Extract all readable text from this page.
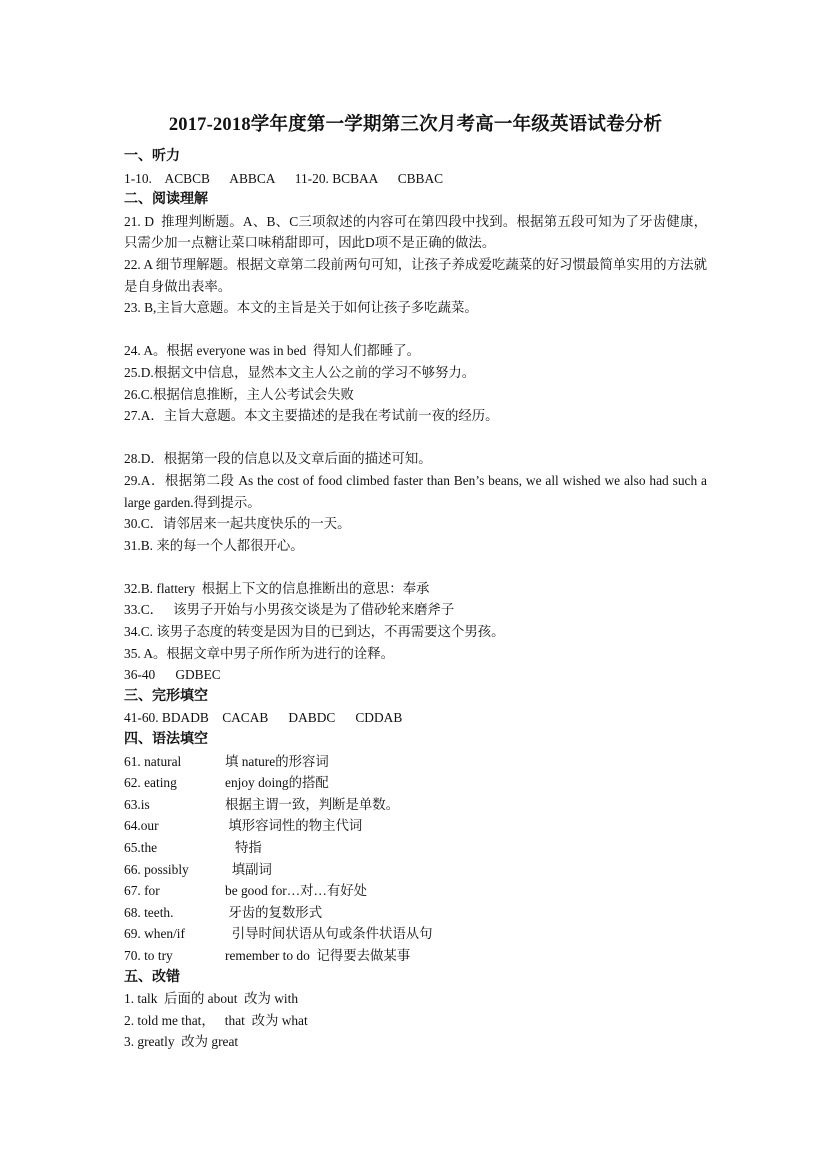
2017-2018学年度第一学期第三次月考高一年级英语试卷分析
一、听力
1-10.    ACBCB      ABBCA      11-20. BCBAA      CBBAC
二、阅读理解
21. D  推理判断题。A、B、C三项叙述的内容可在第四段中找到。根据第五段可知为了牙齿健康，只需少加一点糖让菜口味稍甜即可，因此D项不是正确的做法。
22. A 细节理解题。根据文章第二段前两句可知，让孩子养成爱吃蔬菜的好习惯最简单实用的方法就是自身做出表率。
23. B,主旨大意题。本文的主旨是关于如何让孩子多吃蔬菜。
24. A。根据 everyone was in bed  得知人们都睡了。
25.D.根据文中信息，显然本文主人公之前的学习不够努力。
26.C.根据信息推断，主人公考试会失败
27.A．主旨大意题。本文主要描述的是我在考试前一夜的经历。
28.D．根据第一段的信息以及文章后面的描述可知。
29.A．根据第二段 As the cost of food climbed faster than Ben’s beans, we all wished we also had such a large garden.得到提示。
30.C．请邻居来一起共度快乐的一天。
31.B. 来的每一个人都很开心。
32.B. flattery  根据上下文的信息推断出的意思：奉承
33.C．   该男子开始与小男孩交谈是为了借砂轮来磨斧子
34.C. 该男子态度的转变是因为目的已到达，不再需要这个男孩。
35. A。根据文章中男子所作所为进行的诠释。
36-40      GDBEC
三、完形填空
41-60. BDADB    CACAB      DABDC      CDDAB
四、语法填空
61. natural	填 nature的形容词
62. eating	enjoy doing的搭配
63.is	根据主谓一致，判断是单数。
64.our	填形容词性的物主代词
65.the	特指
66. possibly	填副词
67. for	be good for…对…有好处
68. teeth.	牙齿的复数形式
69. when/if	引导时间状语从句或条件状语从句
70. to try	remember to do  记得要去做某事
五、改错
1. talk  后面的 about  改为 with
2. told me that，   that  改为 what
3. greatly  改为 great
